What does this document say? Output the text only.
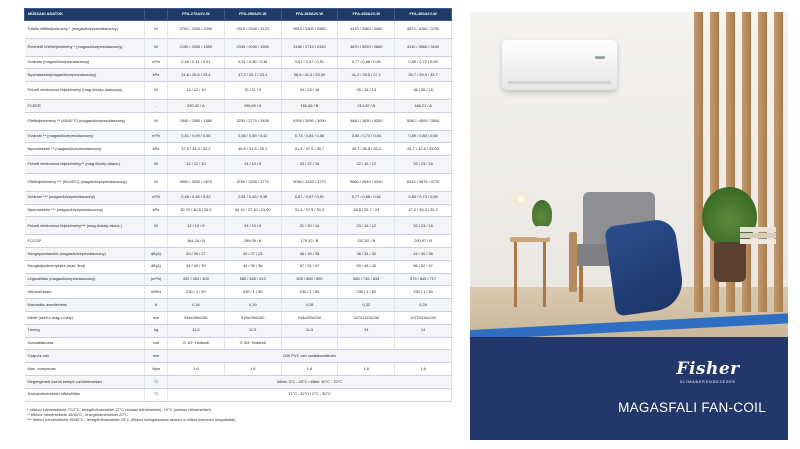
MŰSZAKI ADATOK		FFA-270A2V-W	FFA-290A2V-W	FFA-360A2V-W	FFA-450A2V-W	FFA-490A2V-W
Totális hűtőteljesítmény * (magas/közepes/alacsony)	W	2700 / 2390 / 2390	2910 / 2540 / 2120	3610 / 3300 / 2880	4470 / 3980 / 3480	4870 / 4260 / 3790
Érezhető hűtőteljesítmény * (magas/közepes/alacsony)	W	2150 / 2030 / 1850	2330 / 2000 / 1650	3180 / 2710 / 2310	3870 / 3290 / 2860	4110 / 3560 / 3100
Vízáram (magas/közepes/alacsony)	m³/h	0,46 / 0,41 / 0,41	0,51 / 0,46 / 0,38	0,67 / 0,57 / 0,51	0,77 / 0,68 / 0,61	0,85 / 0,72 / 0,65
Nyomásesés(magas/közepes/alacsony)	kPa	31,6 / 26,6 / 25,4	37,2 / 29,7 / 23,4	56,6 / 41,3 / 33,00	41,2 / 33,5 / 27,1	50,7 / 39,9 / 33,7
Felvett elektromos teljesítmény (mag./közép./alacsony)	W	13 / 12 / 10	15 / 11 / 9	34 / 23 / 18	26 / 18 / 13	36 / 26 / 18
FCEER	-	230,42 / A	196,69 / A	160,66 / B	214,92 / A	186,21 / A
Fűtőteljesítmény ** (45/40°C) (magas/közepes/alacsony)	W	2940 / 2500 / 1860	3230 / 2770 / 2400	4300 / 3690 / 3090	4840 / 3830 / 3260	5280 / 4500 / 3500
Vízáram ** (magas/közepes/alacsony)	m³/h	0,51 / 0,49 / 0,46	0,56 / 0,49 / 0,42	0,73 / 0,64 / 0,56	0,84 / 0,73 / 0,64	0,89 / 0,80 / 0,68
Nyomásesés ** (magas/közepes/alacsony)	kPa	37,5 / 34,9 / 30,2	40,6 / 31,5 / 25,1	61,9 / 47,5 / 35,7	43,7 / 35,8 / 26,3	51,7 / 42,6 / 33,00
Felvett elektromos teljesítmény** (mag./közép./alacs.)	W	12 / 12 / 10	14 / 10 / 8	33 / 22 / 16	22 / 16 / 12	33 / 23 / 16
Fűtőteljesítmény *** (50/45°C) (magas/közepes/alacsony)	W	3990 / 3030 / 2670	3760 / 3300 / 2770	5060 / 4320 / 3770	5660 / 4940 / 4240	6310 / 5570 / 4770
Vízáram *** (magas/közepes/alacsony)	m³/h	0,46 / 0,45 / 0,42	0,51 / 0,45 / 0,38	0,67 / 0,57 / 0,51	0,77 / 0,68 / 0,61	0,85 / 0,73 / 0,65
Nyomásesés *** (magas/közepes/alacsony)	kPa	32,70 / 30,5 / 26,5	34,10 / 27,10 / 21,00	51,9 / 37,9 / 30,3	36,8 / 29,7 / 24	47,2 / 36,3 / 30,3
Felvett elektromos teljesítmény*** (mag./közép./alacs.)	W	12 / 10 / 8	14 / 10 / 8	31 / 20 / 14	23 / 16 / 12	33 / 23 / 16
FCCOP	-	184,34 / B	269,05 / A	179,32 / B	257,52 / B	200,97 / B
Hangnyomásszint (magas/közepes/alacsony)	dB(A)	30 / 30 / 27	30 / 27 / 23	46 / 39 / 35	36 / 34 / 30	44 / 40 / 36
Hangteljesítményszint (max. fent)	dB(A)	44 / 40 / 39	44 / 39 / 36	57 / 51 / 47	50 / 48 / 42	56 / 52 / 47
Légszállítás (magas/közepes/alacsony)	(m³/h)	492 / 454 / 400	585 / 465 / 413	825 / 689 / 590	660 / 745 / 634	979 / 849 / 717
Hálózati áram	V/f/Hz	230 / 1 / 50	230 / 1 / 50	230 / 1 / 50	230 / 1 / 50	230 / 1 / 50
Maximális áramfelvétel	A	0,16	0,19	0,28	0,32	0,39
Méret (széll.x mag.x mély)	mm	915x290x230	915x290x230	915x290x230	1072x315x230	1072x315x230
Tömeg	kg	11,5	11,5	11,5	14	14
Vízcsatlakozás	coll	G 1/2" Hollandi	G 3/4" Hollandi			
Csapvíz cső	mm	D20 PVC cső csatlakoztatható				
Max. víznyomás	Mpa	1,6	1,6	1,6	1,6	1,6
Megengedett üzemi belépő vízhőmérséklet	°C	hűtés: 3°C - 20°C / fűtés: 30°C - 70°C				
Szobahőmérséklet hűtés/fűtés	°C	17°C - 32°C / 0°C - 30°C				
* hűtővíz hőmérséklete 7/12°C, levegőhőmérséklet 27°C (száraz hőmérséklet), 19°C (nedves hőmérséklet)
** fűtővíz hőmérséklete 45/40°C , levegőhőmérséklet 20°C
*** fűtővíz hőmérséklete 50/45°C , levegőhőmérséklet 20°C (fűtővíz tárfogatárama azonos a hűtési üzemben megadottal)
Fisher
KLÍMABERENDEZÉSEK
MAGASFALI FAN-COIL
